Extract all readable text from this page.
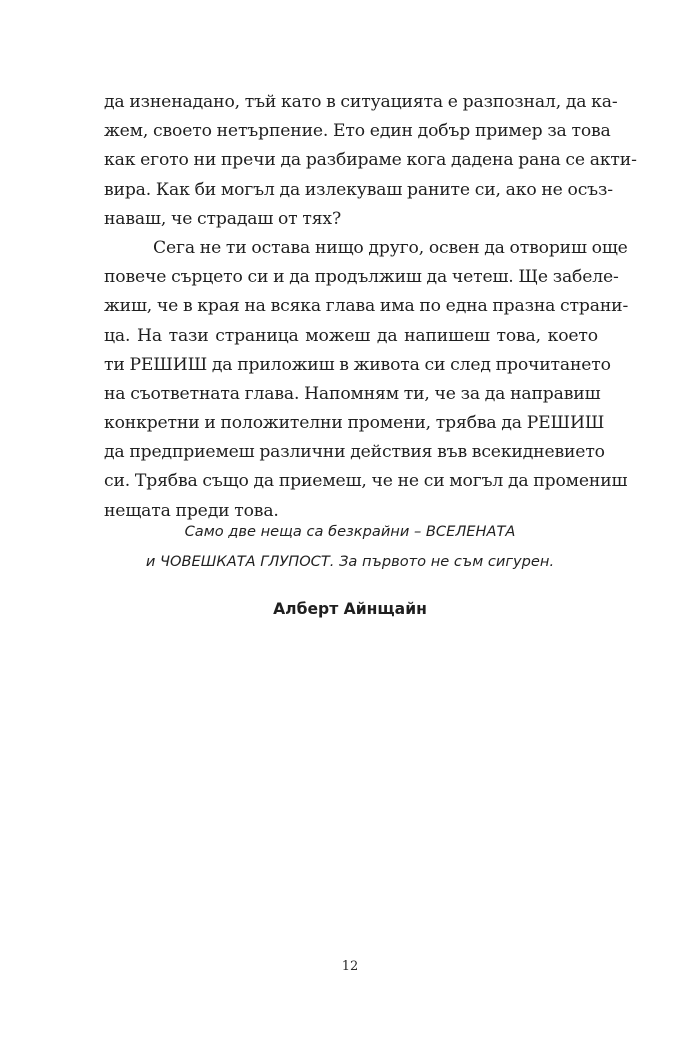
да изненадано, тъй като в ситуацията е разпознал, да ка-
жем, своето нетърпение. Ето един добър пример за това
как егото ни пречи да разбираме кога дадена рана се акти-
вира. Как би могъл да излекуваш раните си, ако не осъз-
наваш, че страдаш от тях?
Сега не ти остава нищо друго, освен да отвориш още
повече сърцето си и да продължиш да четеш. Ще забеле-
жиш, че в края на всяка глава има по една празна страни-
ца. На тази страница можеш да напишеш това, което
ти РЕШИШ да приложиш в живота си след прочитането
на съответната глава. Напомням ти, че за да направиш
конкретни и положителни промени, трябва да РЕШИШ
да предприемеш различни действия във всекидневието
си. Трябва също да приемеш, че не си могъл да промениш
нещата преди това.
Само две неща са безкрайни – ВСЕЛЕНАТА
и ЧОВЕШКАТА ГЛУПОСТ. За първото не съм сигурен.
Алберт Айнщайн
12
